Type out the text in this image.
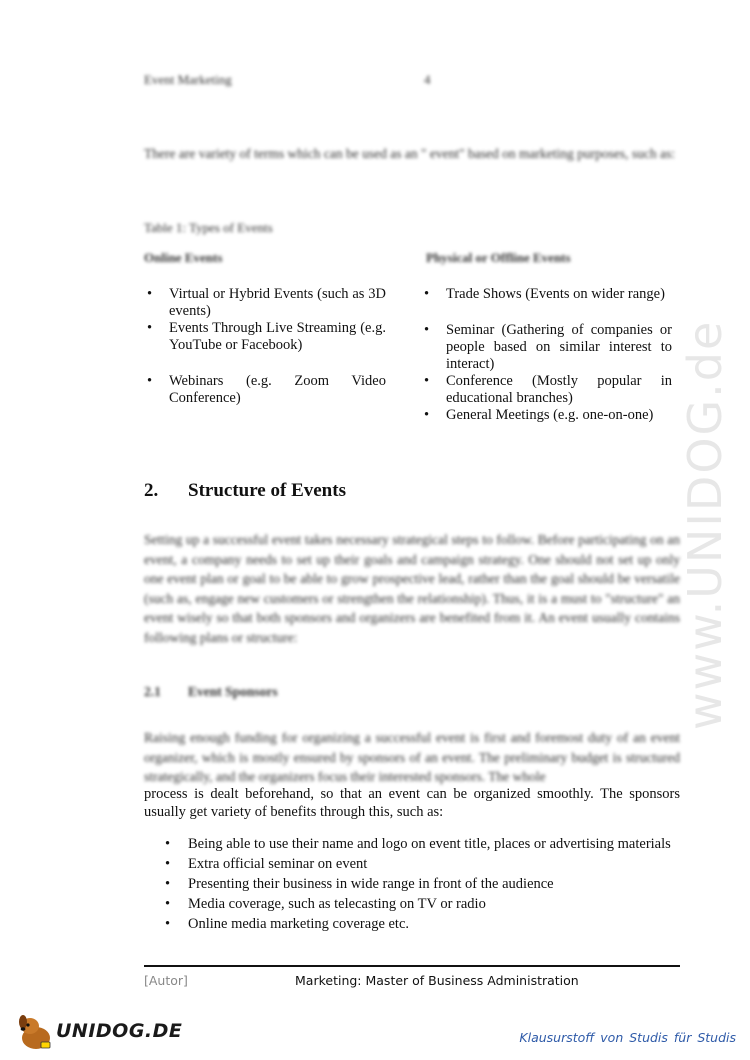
www.UNIDOG.de
Event Marketing	4
There are variety of terms which can be used as an " event" based on marketing purposes, such as:
Table 1: Types of Events
Online Events	Physical or Offline Events
• Virtual or Hybrid Events (such as 3D events)
• Events Through Live Streaming (e.g. YouTube or Facebook)
• Webinars (e.g. Zoom Video Conference)
• Trade Shows (Events on wider range)
• Seminar (Gathering of companies or people based on similar interest to interact)
• Conference (Mostly popular in educational branches)
• General Meetings (e.g. one-on-one)
2. Structure of Events
Setting up a successful event takes necessary strategical steps to follow. Before participating on an event, a company needs to set up their goals and campaign strategy. One should not set up only one event plan or goal to be able to grow prospective lead, rather than the goal should be versatile (such as, engage new customers or strengthen the relationship). Thus, it is a must to "structure" an event wisely so that both sponsors and organizers are benefited from it. An event usually contains following plans or structure:
2.1 Event Sponsors
Raising enough funding for organizing a successful event is first and foremost duty of an event organizer, which is mostly ensured by sponsors of an event. The preliminary budget is structured strategically, and the organizers focus their interested sponsors. The whole
process is dealt beforehand, so that an event can be organized smoothly. The sponsors usually get variety of benefits through this, such as:
• Being able to use their name and logo on event title, places or advertising materials
• Extra official seminar on event
• Presenting their business in wide range in front of the audience
• Media coverage, such as telecasting on TV or radio
• Online media marketing coverage etc.
[Autor]	Marketing: Master of Business Administration
UNIDOG.DE	Klausurstoff von Studis für Studis
